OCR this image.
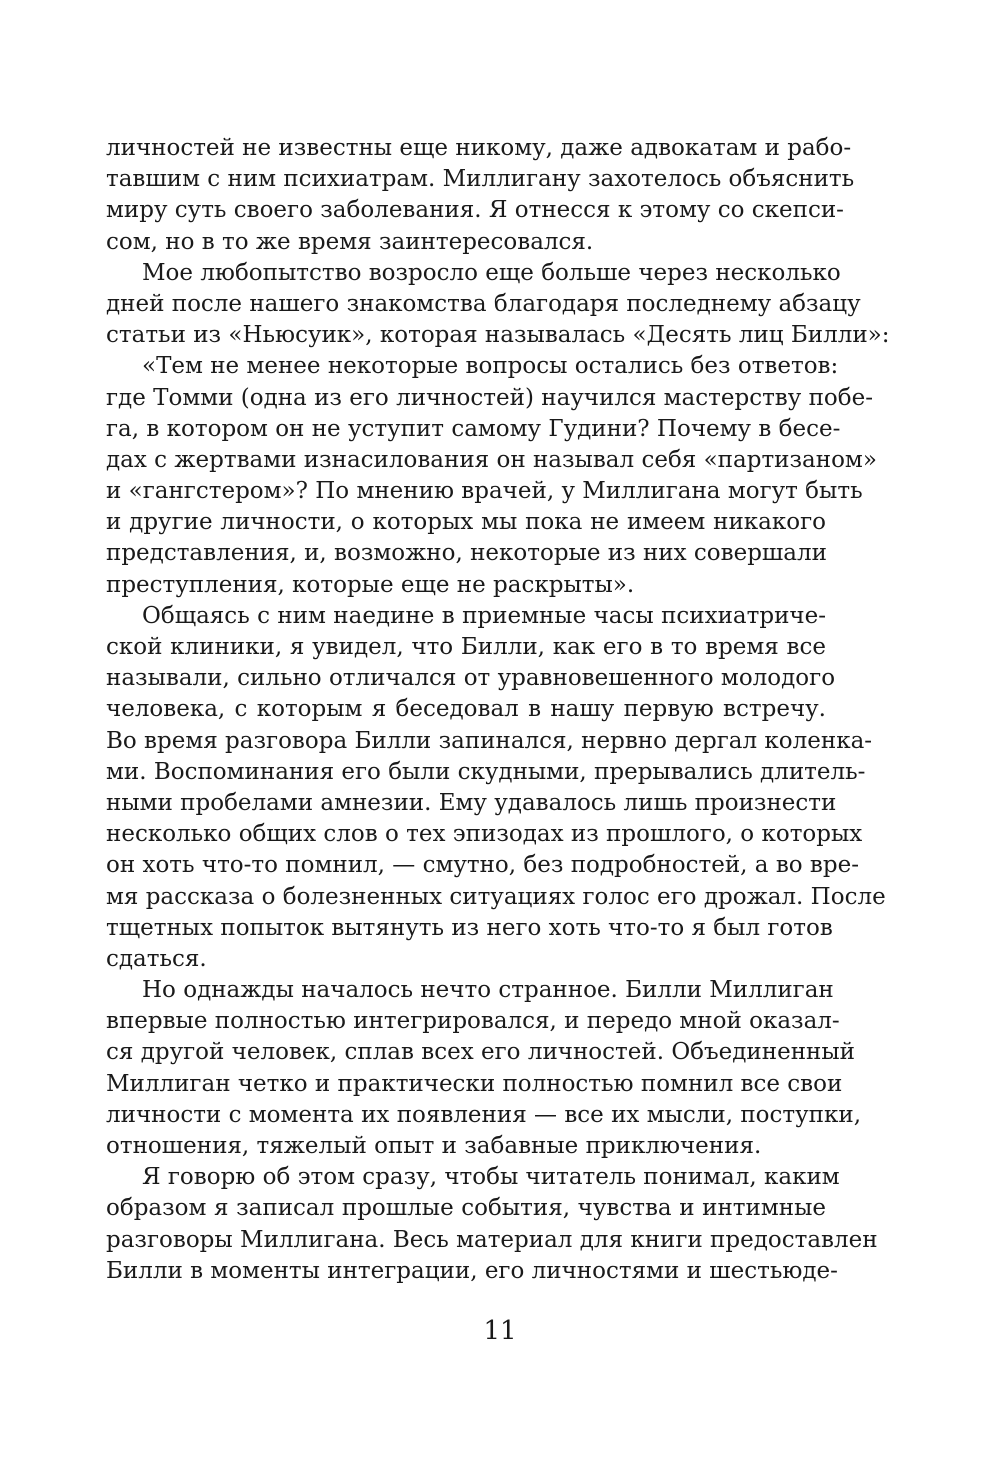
личностей не известны еще никому, даже адвокатам и рабо-
тавшим с ним психиатрам. Миллигану захотелось объяснить
миру суть своего заболевания. Я отнесся к этому со скепси-
сом, но в то же время заинтересовался.
Мое любопытство возросло еще больше через несколько
дней после нашего знакомства благодаря последнему абзацу
статьи из «Ньюсуик», которая называлась «Десять лиц Билли»:
«Тем не менее некоторые вопросы остались без ответов:
где Томми (одна из его личностей) научился мастерству побе-
га, в котором он не уступит самому Гудини? Почему в бесе-
дах с жертвами изнасилования он называл себя «партизаном»
и «гангстером»? По мнению врачей, у Миллигана могут быть
и другие личности, о которых мы пока не имеем никакого
представления, и, возможно, некоторые из них совершали
преступления, которые еще не раскрыты».
Общаясь с ним наедине в приемные часы психиатриче-
ской клиники, я увидел, что Билли, как его в то время все
называли, сильно отличался от уравновешенного молодого
человека, с которым я беседовал в нашу первую встречу.
Во время разговора Билли запинался, нервно дергал коленка-
ми. Воспоминания его были скудными, прерывались длитель-
ными пробелами амнезии. Ему удавалось лишь произнести
несколько общих слов о тех эпизодах из прошлого, о которых
он хоть что-то помнил, — смутно, без подробностей, а во вре-
мя рассказа о болезненных ситуациях голос его дрожал. После
тщетных попыток вытянуть из него хоть что-то я был готов
сдаться.
Но однажды началось нечто странное. Билли Миллиган
впервые полностью интегрировался, и передо мной оказал-
ся другой человек, сплав всех его личностей. Объединенный
Миллиган четко и практически полностью помнил все свои
личности с момента их появления — все их мысли, поступки,
отношения, тяжелый опыт и забавные приключения.
Я говорю об этом сразу, чтобы читатель понимал, каким
образом я записал прошлые события, чувства и интимные
разговоры Миллигана. Весь материал для книги предоставлен
Билли в моменты интеграции, его личностями и шестьюде-
11
